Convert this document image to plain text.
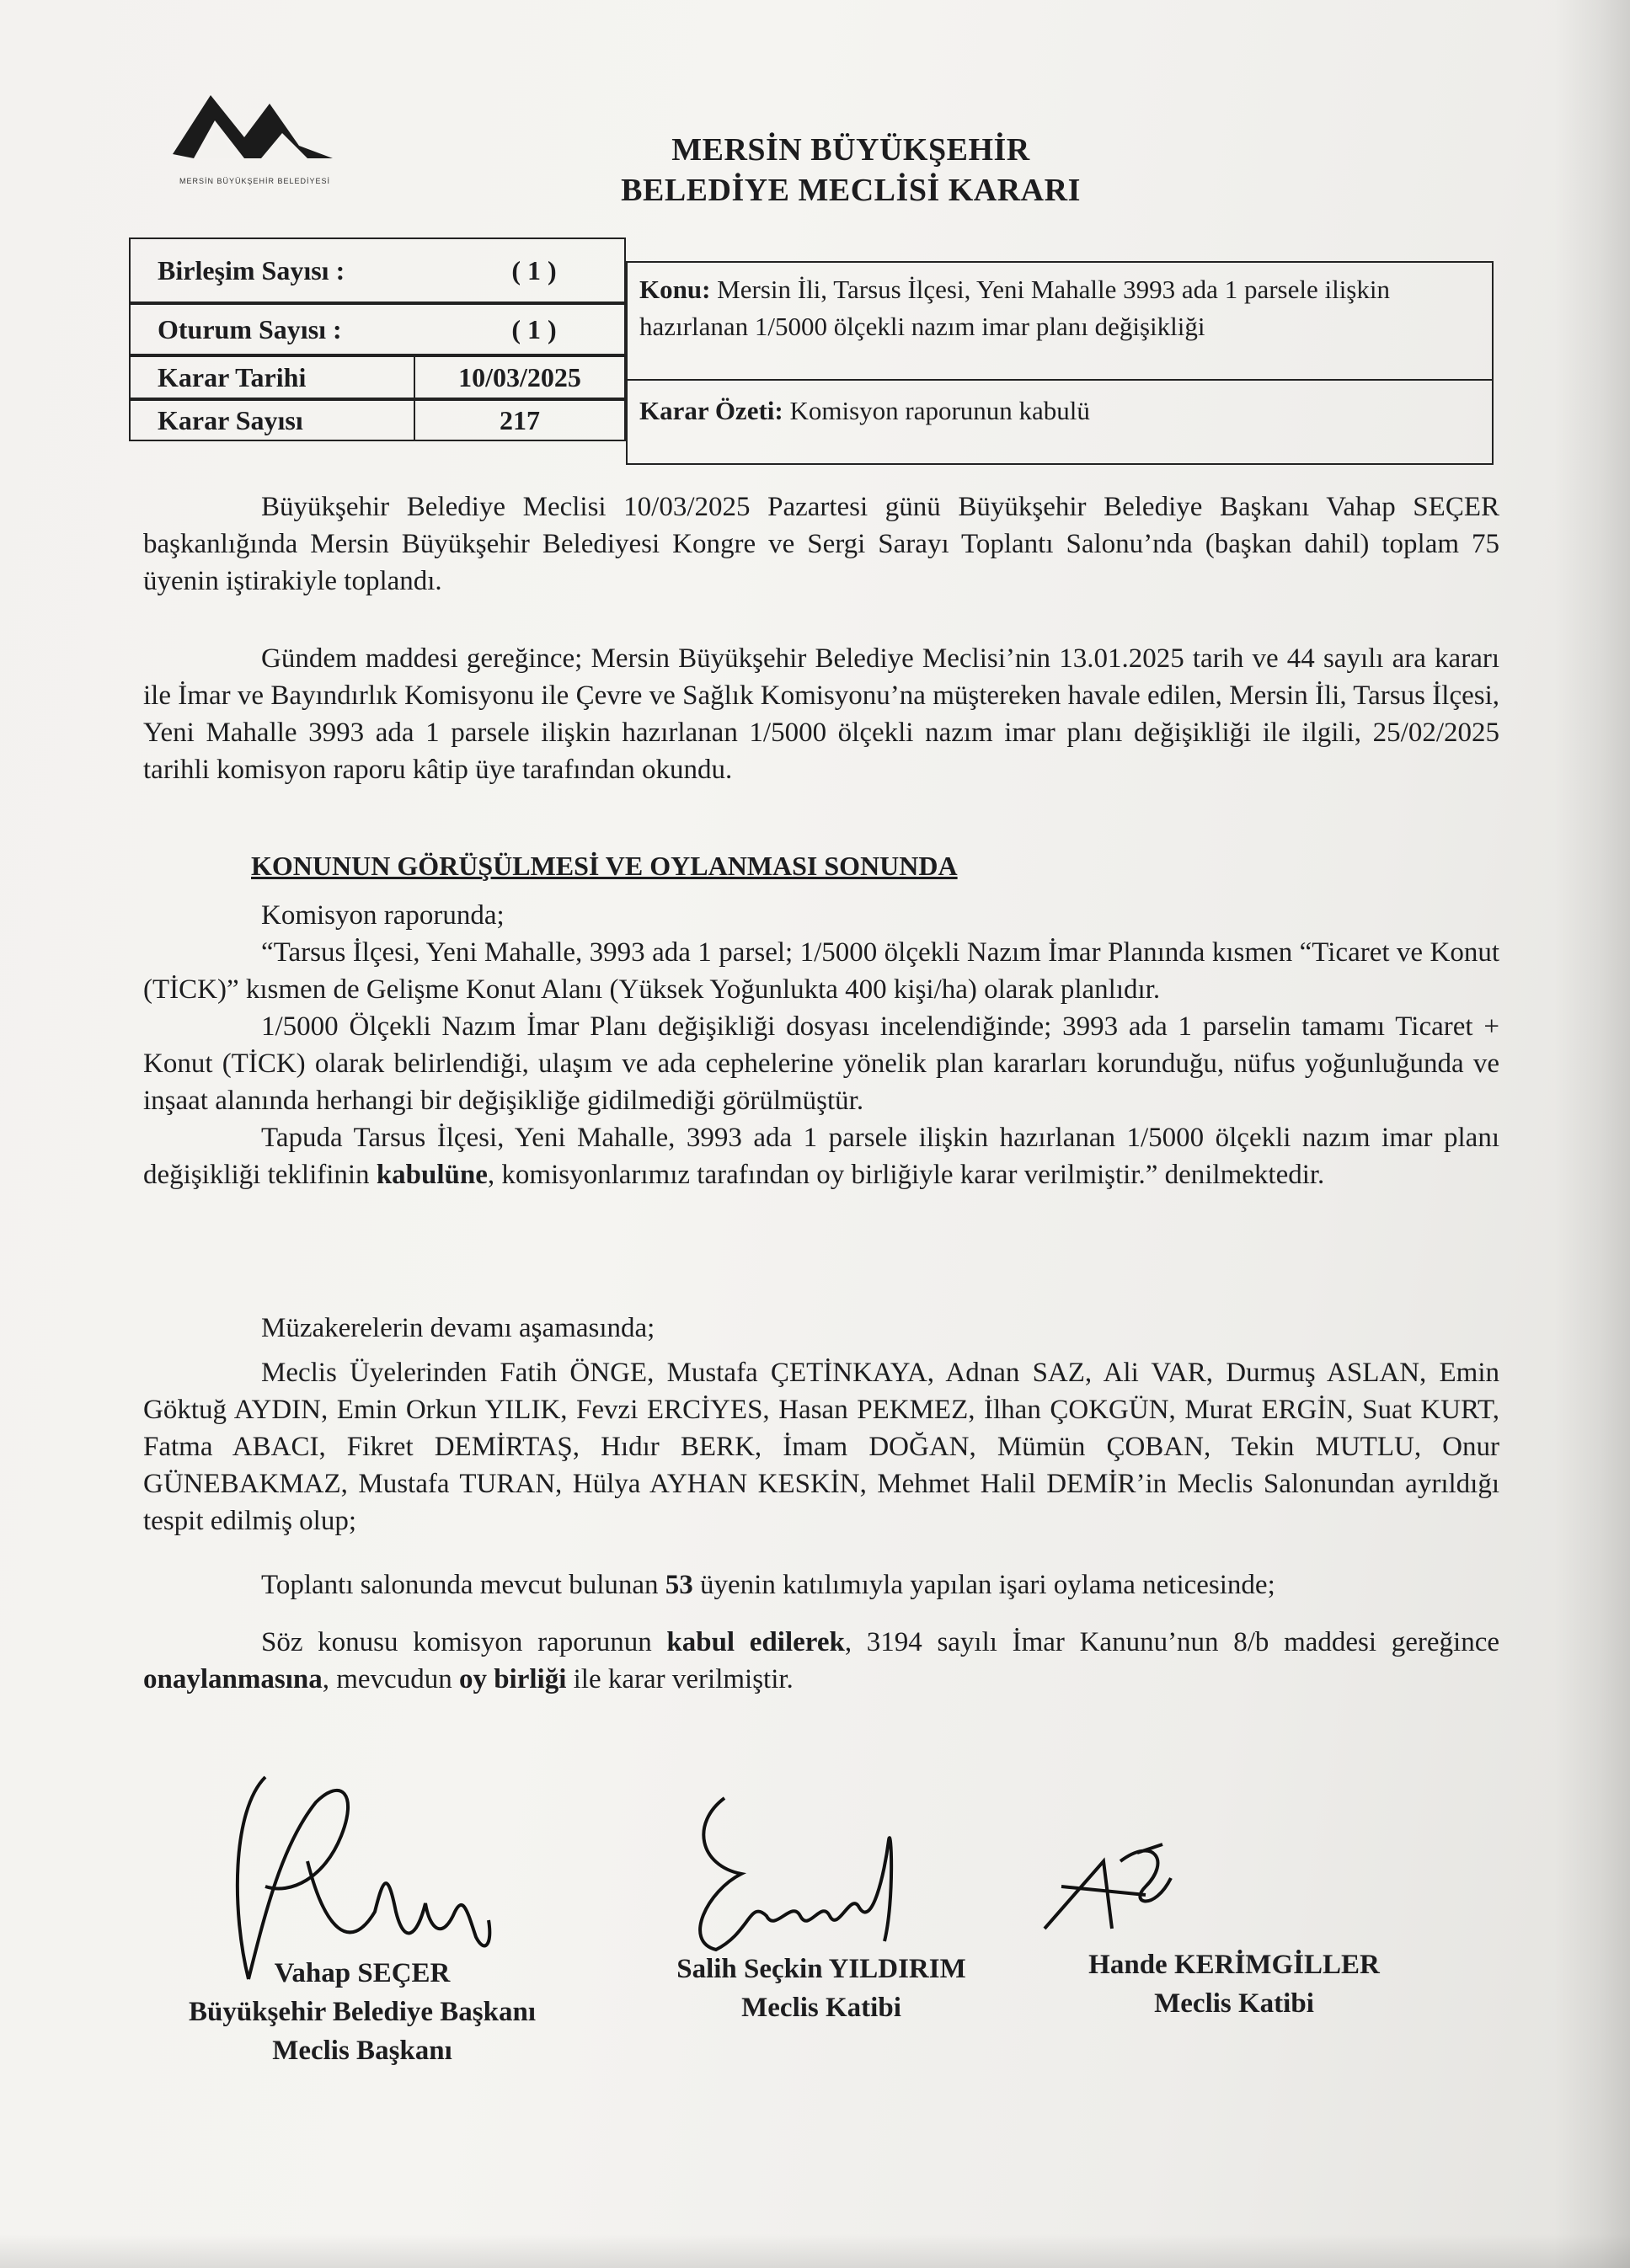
MERSİN BÜYÜKŞEHİR BELEDİYESİ
MERSİN BÜYÜKŞEHİR
BELEDİYE MECLİSİ KARARI
Birleşim Sayısı :	( 1 )
Oturum Sayısı :	( 1 )
Karar Tarihi	10/03/2025
Karar Sayısı	217
Konu: Mersin İli, Tarsus İlçesi, Yeni Mahalle 3993 ada 1 parsele ilişkin hazırlanan 1/5000 ölçekli nazım imar planı değişikliği
Karar Özeti: Komisyon raporunun kabulü
Büyükşehir Belediye Meclisi 10/03/2025 Pazartesi günü Büyükşehir Belediye Başkanı Vahap SEÇER başkanlığında Mersin Büyükşehir Belediyesi Kongre ve Sergi Sarayı Toplantı Salonu’nda (başkan dahil) toplam 75 üyenin iştirakiyle toplandı.
Gündem maddesi gereğince; Mersin Büyükşehir Belediye Meclisi’nin 13.01.2025 tarih ve 44 sayılı ara kararı ile İmar ve Bayındırlık Komisyonu ile Çevre ve Sağlık Komisyonu’na müştereken havale edilen, Mersin İli, Tarsus İlçesi, Yeni Mahalle 3993 ada 1 parsele ilişkin hazırlanan 1/5000 ölçekli nazım imar planı değişikliği ile ilgili, 25/02/2025 tarihli komisyon raporu kâtip üye tarafından okundu.
KONUNUN GÖRÜŞÜLMESİ VE OYLANMASI SONUNDA
Komisyon raporunda;
“Tarsus İlçesi, Yeni Mahalle, 3993 ada 1 parsel; 1/5000 ölçekli Nazım İmar Planında kısmen “Ticaret ve Konut (TİCK)” kısmen de Gelişme Konut Alanı (Yüksek Yoğunlukta 400 kişi/ha) olarak planlıdır.
1/5000 Ölçekli Nazım İmar Planı değişikliği dosyası incelendiğinde; 3993 ada 1 parselin tamamı Ticaret + Konut (TİCK) olarak belirlendiği, ulaşım ve ada cephelerine yönelik plan kararları korunduğu, nüfus yoğunluğunda ve inşaat alanında herhangi bir değişikliğe gidilmediği görülmüştür.
Tapuda Tarsus İlçesi, Yeni Mahalle, 3993 ada 1 parsele ilişkin hazırlanan 1/5000 ölçekli nazım imar planı değişikliği teklifinin kabulüne, komisyonlarımız tarafından oy birliğiyle karar verilmiştir.” denilmektedir.
Müzakerelerin devamı aşamasında;
Meclis Üyelerinden Fatih ÖNGE, Mustafa ÇETİNKAYA, Adnan SAZ, Ali VAR, Durmuş ASLAN, Emin Göktuğ AYDIN, Emin Orkun YILIK, Fevzi ERCİYES, Hasan PEKMEZ, İlhan ÇOKGÜN, Murat ERGİN, Suat KURT, Fatma ABACI, Fikret DEMİRTAŞ, Hıdır BERK, İmam DOĞAN, Mümün ÇOBAN, Tekin MUTLU, Onur GÜNEBAKMAZ, Mustafa TURAN, Hülya AYHAN KESKİN, Mehmet Halil DEMİR’in Meclis Salonundan ayrıldığı tespit edilmiş olup;
Toplantı salonunda mevcut bulunan 53 üyenin katılımıyla yapılan işari oylama neticesinde;
Söz konusu komisyon raporunun kabul edilerek, 3194 sayılı İmar Kanunu’nun 8/b maddesi gereğince onaylanmasına, mevcudun oy birliği ile karar verilmiştir.
Vahap SEÇER
Büyükşehir Belediye Başkanı
Meclis Başkanı
Salih Seçkin YILDIRIM
Meclis Katibi
Hande KERİMGİLLER
Meclis Katibi
